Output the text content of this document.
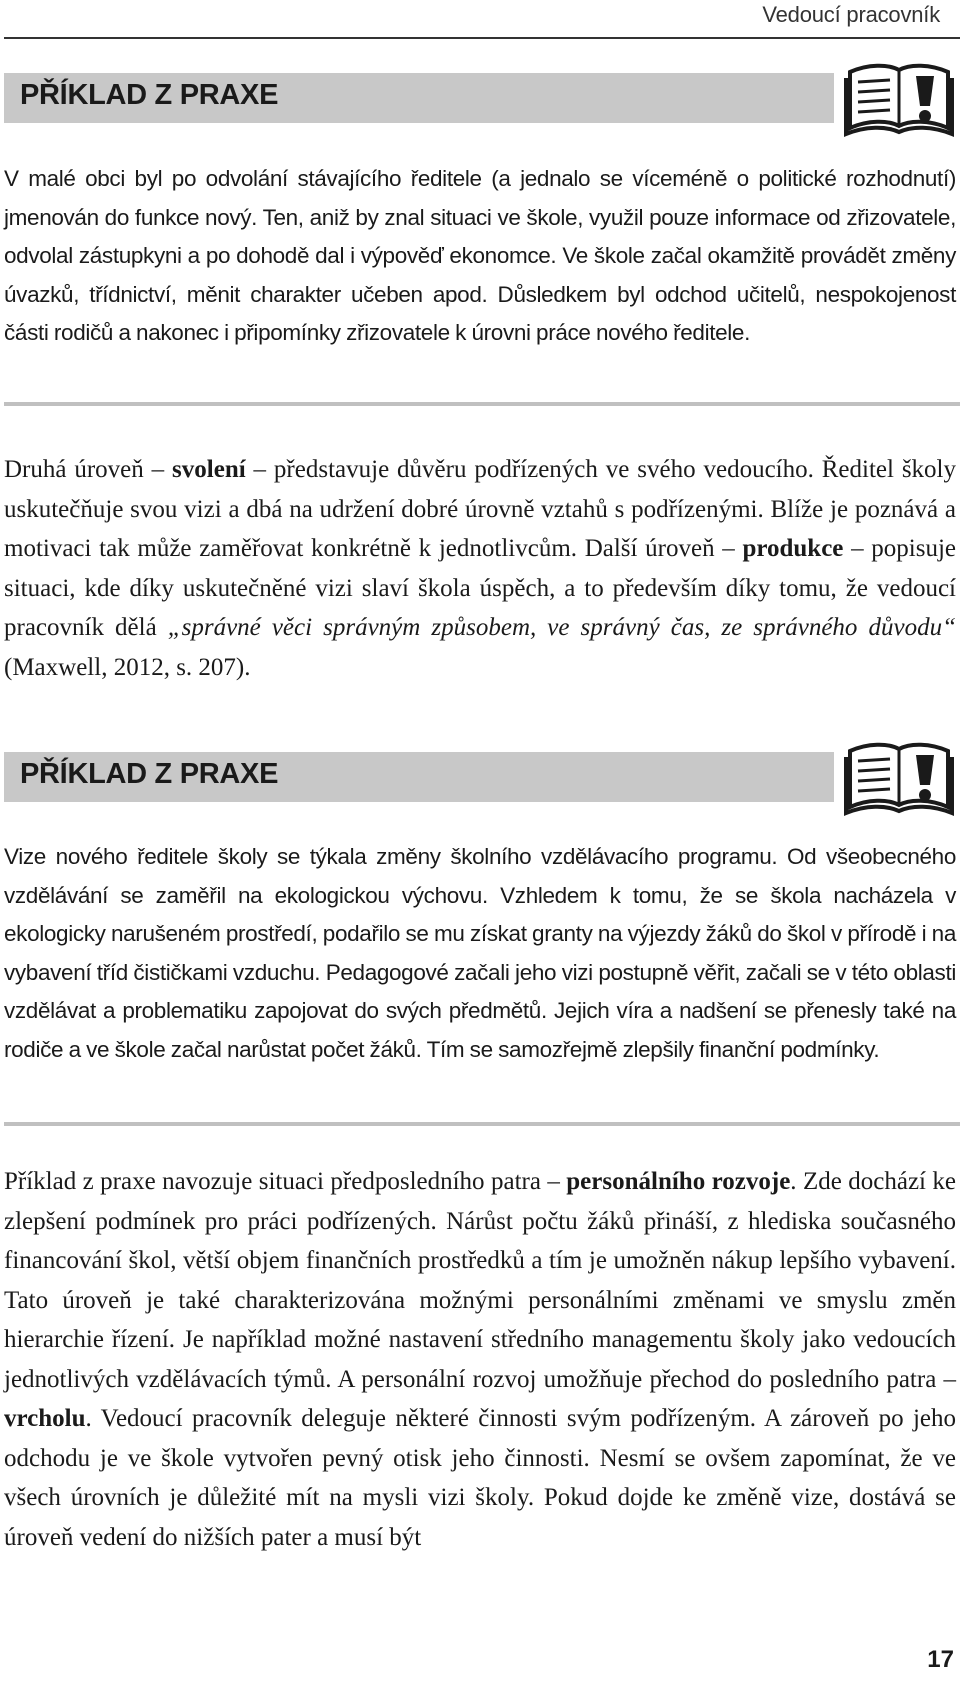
Vedoucí pracovník
PŘÍKLAD Z PRAXE

V malé obci byl po odvolání stávajícího ředitele (a jednalo se víceméně o politické rozhodnutí) jmenován do funkce nový. Ten, aniž by znal situaci ve škole, využil pouze informace od zřizovatele, odvolal zástupkyni a po dohodě dal i výpověď ekonomce. Ve škole začal okamžitě provádět změny úvazků, třídnictví, měnit charakter učeben apod. Důsledkem byl odchod učitelů, nespokojenost části rodičů a nakonec i připomínky zřizovatele k úrovni práce nového ředitele.

Druhá úroveň – svolení – představuje důvěru podřízených ve svého vedoucího. Ředitel školy uskutečňuje svou vizi a dbá na udržení dobré úrovně vztahů s podřízenými. Blíže je poznává a motivaci tak může zaměřovat konkrétně k jednotlivcům. Další úroveň – produkce – popisuje situaci, kde díky uskutečněné vizi slaví škola úspěch, a to především díky tomu, že vedoucí pracovník dělá „správné věci správným způsobem, ve správný čas, ze správného důvodu“ (Maxwell, 2012, s. 207).

PŘÍKLAD Z PRAXE

Vize nového ředitele školy se týkala změny školního vzdělávacího programu. Od všeobecného vzdělávání se zaměřil na ekologickou výchovu. Vzhledem k tomu, že se škola nacházela v ekologicky narušeném prostředí, podařilo se mu získat granty na výjezdy žáků do škol v přírodě i na vybavení tříd čističkami vzduchu. Pedagogové začali jeho vizi postupně věřit, začali se v této oblasti vzdělávat a problematiku zapojovat do svých předmětů. Jejich víra a nadšení se přenesly také na rodiče a ve škole začal narůstat počet žáků. Tím se samozřejmě zlepšily finanční podmínky.

Příklad z praxe navozuje situaci předposledního patra – personálního rozvoje. Zde dochází ke zlepšení podmínek pro práci podřízených. Nárůst počtu žáků přináší, z hlediska současného financování škol, větší objem finančních prostředků a tím je umožněn nákup lepšího vybavení. Tato úroveň je také charakterizována možnými personálními změnami ve smyslu změn hierarchie řízení. Je například možné nastavení středního managementu školy jako vedoucích jednotlivých vzdělávacích týmů. A personální rozvoj umožňuje přechod do posledního patra – vrcholu. Vedoucí pracovník deleguje některé činnosti svým podřízeným. A zároveň po jeho odchodu je ve škole vytvořen pevný otisk jeho činnosti. Nesmí se ovšem zapomínat, že ve všech úrovních je důležité mít na mysli vizi školy. Pokud dojde ke změně vize, dostává se úroveň vedení do nižších pater a musí být

17
